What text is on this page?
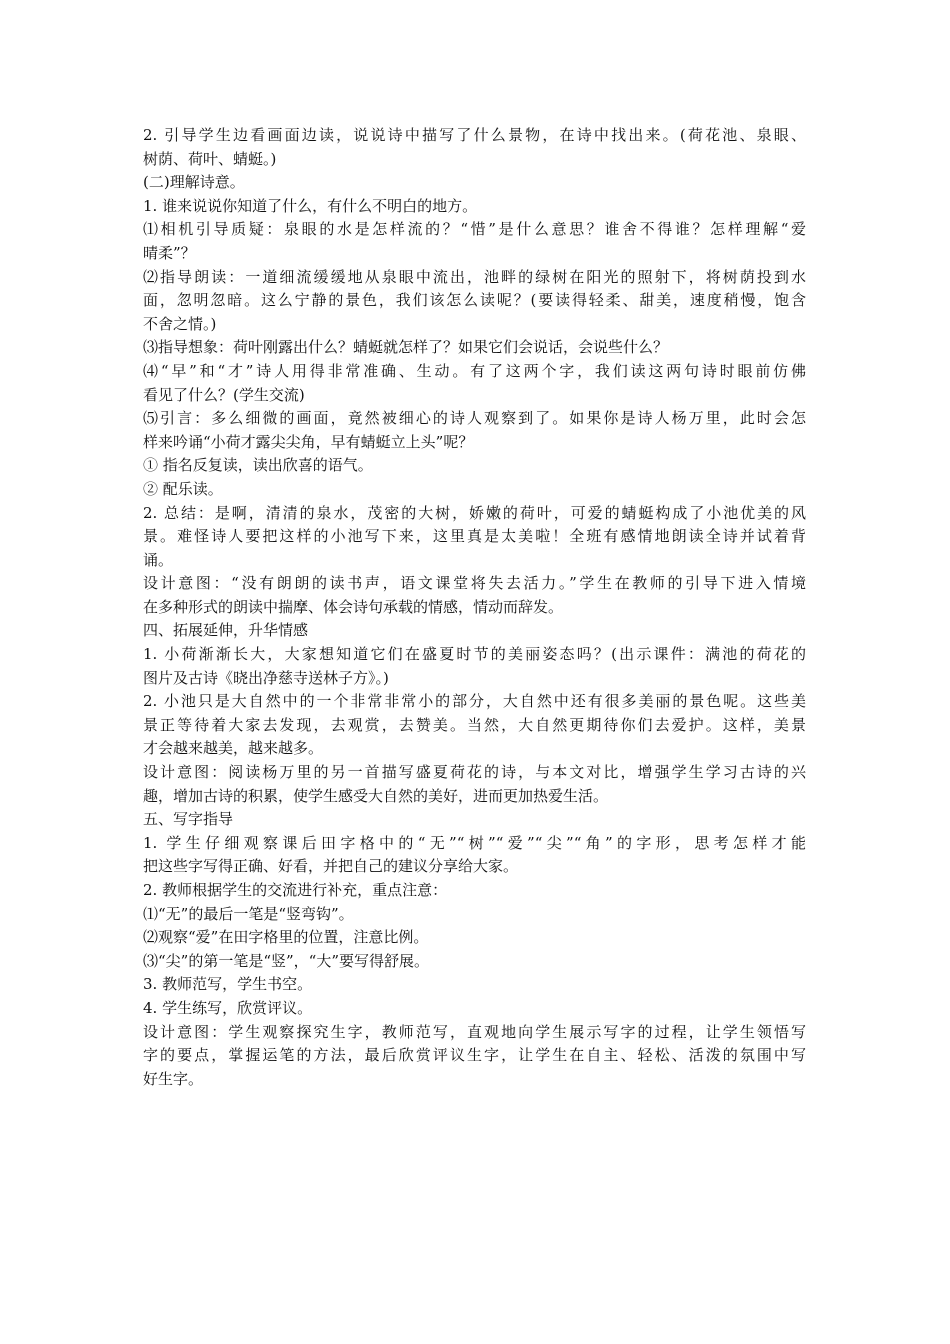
2. 引导学生边看画面边读，说说诗中描写了什么景物，在诗中找出来。(荷花池、泉眼、

树荫、荷叶、蜻蜓。)

(二)理解诗意。

1. 谁来说说你知道了什么，有什么不明白的地方。

⑴相机引导质疑：泉眼的水是怎样流的？“惜”是什么意思？谁舍不得谁？怎样理解“爱

晴柔”？

⑵指导朗读：一道细流缓缓地从泉眼中流出，池畔的绿树在阳光的照射下，将树荫投到水

面，忽明忽暗。这么宁静的景色，我们该怎么读呢？(要读得轻柔、甜美，速度稍慢，饱含

不舍之情。)

⑶指导想象：荷叶刚露出什么？蜻蜓就怎样了？如果它们会说话，会说些什么？

⑷“早”和“才”诗人用得非常准确、生动。有了这两个字，我们读这两句诗时眼前仿佛

看见了什么？(学生交流)

⑸引言：多么细微的画面，竟然被细心的诗人观察到了。如果你是诗人杨万里，此时会怎

样来吟诵“小荷才露尖尖角，早有蜻蜓立上头”呢？

① 指名反复读，读出欣喜的语气。

② 配乐读。

2. 总结：是啊，清清的泉水，茂密的大树，娇嫩的荷叶，可爱的蜻蜓构成了小池优美的风

景。难怪诗人要把这样的小池写下来，这里真是太美啦！全班有感情地朗读全诗并试着背

诵。

设计意图：“没有朗朗的读书声，语文课堂将失去活力。”学生在教师的引导下进入情境

在多种形式的朗读中揣摩、体会诗句承载的情感，情动而辞发。

四、拓展延伸，升华情感

1. 小荷渐渐长大，大家想知道它们在盛夏时节的美丽姿态吗？(出示课件：满池的荷花的

图片及古诗《晓出净慈寺送林子方》。)

2. 小池只是大自然中的一个非常非常小的部分，大自然中还有很多美丽的景色呢。这些美

景正等待着大家去发现，去观赏，去赞美。当然，大自然更期待你们去爱护。这样，美景

才会越来越美，越来越多。

设计意图：阅读杨万里的另一首描写盛夏荷花的诗，与本文对比，增强学生学习古诗的兴

趣，增加古诗的积累，使学生感受大自然的美好，进而更加热爱生活。

五、写字指导

1. 学生仔细观察课后田字格中的“无”“树”“爱”“尖”“角”的字形，思考怎样才能

把这些字写得正确、好看，并把自己的建议分享给大家。

2. 教师根据学生的交流进行补充，重点注意：

⑴“无”的最后一笔是“竖弯钩”。

⑵观察“爱”在田字格里的位置，注意比例。

⑶“尖”的第一笔是“竖”，“大”要写得舒展。

3. 教师范写，学生书空。

4. 学生练写，欣赏评议。

设计意图：学生观察探究生字，教师范写，直观地向学生展示写字的过程，让学生领悟写

字的要点，掌握运笔的方法，最后欣赏评议生字，让学生在自主、轻松、活泼的氛围中写

好生字。
